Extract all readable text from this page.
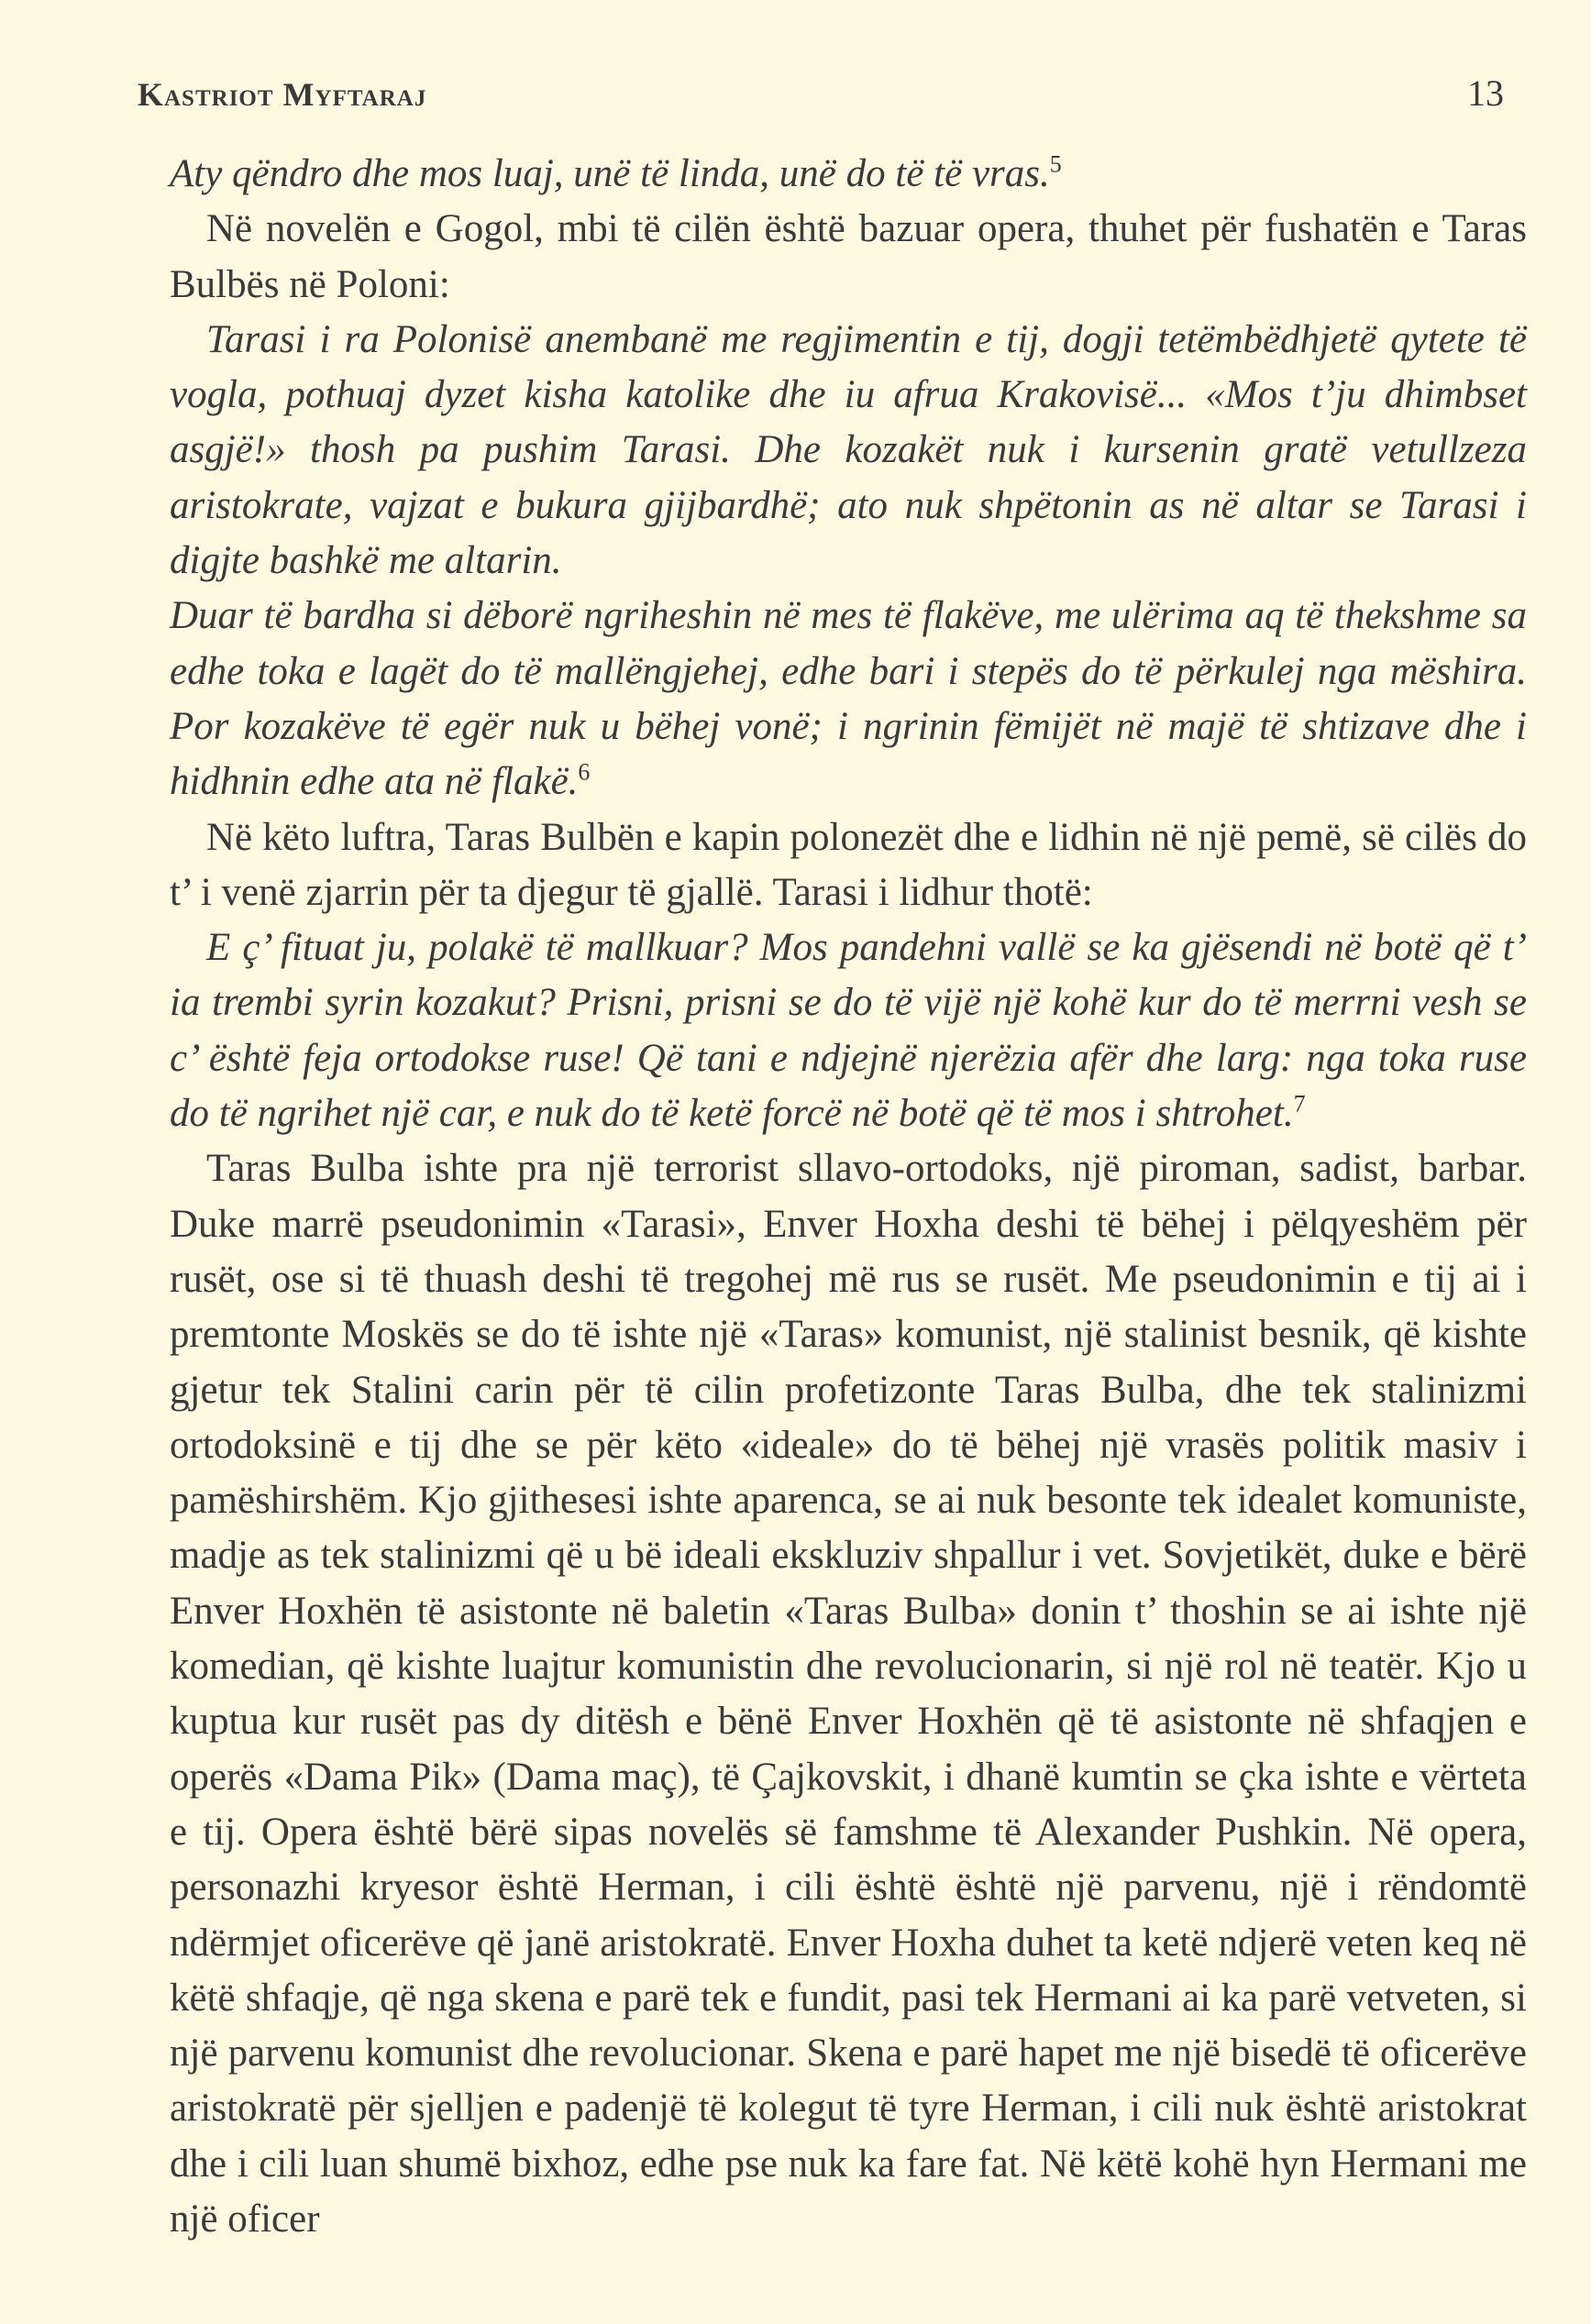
Kastriot Myftaraj	13

Aty qëndro dhe mos luaj, unë të linda, unë do të të vras.$^5$

Në novelën e Gogol, mbi të cilën është bazuar opera, thuhet për fushatën e Taras Bulbës në Poloni:

Tarasi i ra Polonisë anembanë me regjimentin e tij, dogji tetëmbëdhjetë qytete të vogla, pothuaj dyzet kisha katolike dhe iu afrua Krakovisë... «Mos t’ju dhimbset asgjë!» thosh pa pushim Tarasi. Dhe kozakët nuk i kursenin gratë vetullzeza aristokrate, vajzat e bukura gjijbardhë; ato nuk shpëtonin as në altar se Tarasi i digjte bashkë me altarin.

Duar të bardha si dëborë ngriheshin në mes të flakëve, me ulërima aq të thekshme sa edhe toka e lagët do të mallëngjehej, edhe bari i stepës do të përkulej nga mëshira. Por kozakëve të egër nuk u bëhej vonë; i ngrinin fëmijët në majë të shtizave dhe i hidhnin edhe ata në flakë.$^6$

Në këto luftra, Taras Bulbën e kapin polonezët dhe e lidhin në një pemë, së cilës do t’ i venë zjarrin për ta djegur të gjallë. Tarasi i lidhur thotë:

E ç’ fituat ju, polakë të mallkuar? Mos pandehni vallë se ka gjësendi në botë që t’ ia trembi syrin kozakut? Prisni, prisni se do të vijë një kohë kur do të merrni vesh se c’ është feja ortodokse ruse! Që tani e ndjejnë njerëzia afër dhe larg: nga toka ruse do të ngrihet një car, e nuk do të ketë forcë në botë që të mos i shtrohet.$^7$

Taras Bulba ishte pra një terrorist sllavo-ortodoks, një piroman, sadist, barbar. Duke marrë pseudonimin «Tarasi», Enver Hoxha deshi të bëhej i pëlqyeshëm për rusët, ose si të thuash deshi të tregohej më rus se rusët. Me pseudonimin e tij ai i premtonte Moskës se do të ishte një «Taras» komunist, një stalinist besnik, që kishte gjetur tek Stalini carin për të cilin profetizonte Taras Bulba, dhe tek stalinizmi ortodoksinë e tij dhe se për këto «ideale» do të bëhej një vrasës politik masiv i pamëshirshëm. Kjo gjithesesi ishte aparenca, se ai nuk besonte tek idealet komuniste, madje as tek stalinizmi që u bë ideali ekskluziv shpallur i vet. Sovjetikët, duke e bërë Enver Hoxhën të asistonte në baletin «Taras Bulba» donin t’ thoshin se ai ishte një komedian, që kishte luajtur komunistin dhe revolucionarin, si një rol në teatër. Kjo u kuptua kur rusët pas dy ditësh e bënë Enver Hoxhën që të asistonte në shfaqjen e operës «Dama Pik» (Dama maç), të Çajkovskit, i dhanë kumtin se çka ishte e vërteta e tij. Opera është bërë sipas novelës së famshme të Alexander Pushkin. Në opera, personazhi kryesor është Herman, i cili është është një parvenu, një i rëndomtë ndërmjet oficerëve që janë aristokratë. Enver Hoxha duhet ta ketë ndjerë veten keq në këtë shfaqje, që nga skena e parë tek e fundit, pasi tek Hermani ai ka parë vetveten, si një parvenu komunist dhe revolucionar. Skena e parë hapet me një bisedë të oficerëve aristokratë për sjelljen e padenjë të kolegut të tyre Herman, i cili nuk është aristokrat dhe i cili luan shumë bixhoz, edhe pse nuk ka fare fat. Në këtë kohë hyn Hermani me një oficer
